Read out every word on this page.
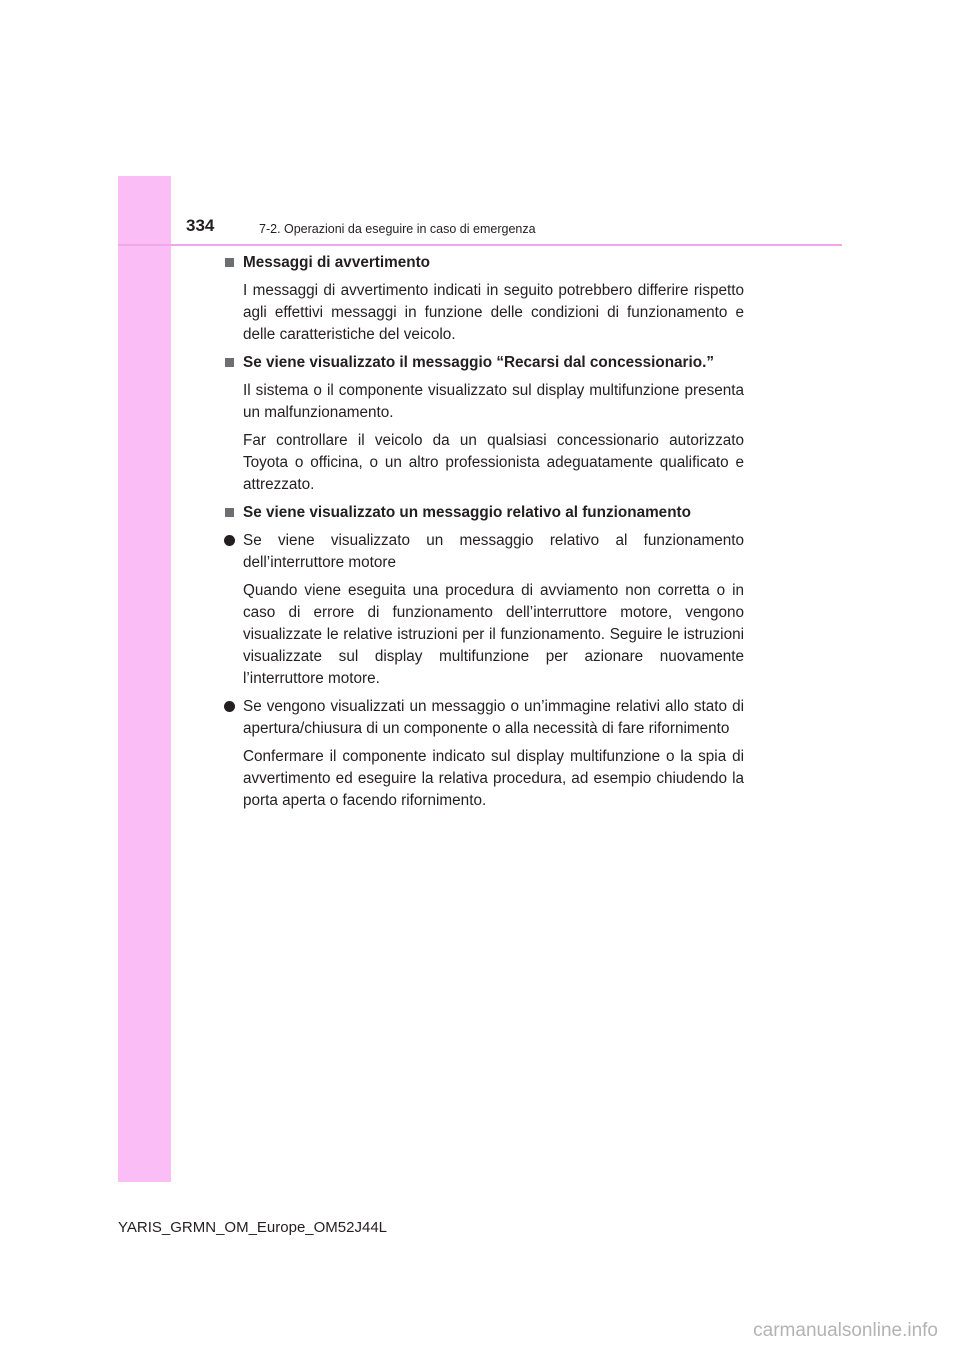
334	7-2. Operazioni da eseguire in caso di emergenza
Messaggi di avvertimento
I messaggi di avvertimento indicati in seguito potrebbero differire rispetto agli effettivi messaggi in funzione delle condizioni di funzionamento e delle caratteristiche del veicolo.
Se viene visualizzato il messaggio “Recarsi dal concessionario.”
Il sistema o il componente visualizzato sul display multifunzione presenta un malfunzionamento.
Far controllare il veicolo da un qualsiasi concessionario autorizzato Toyota o officina, o un altro professionista adeguatamente qualificato e attrezzato.
Se viene visualizzato un messaggio relativo al funzionamento
Se viene visualizzato un messaggio relativo al funzionamento dell’interruttore motore
Quando viene eseguita una procedura di avviamento non corretta o in caso di errore di funzionamento dell’interruttore motore, vengono visualizzate le relative istruzioni per il funzionamento. Seguire le istruzioni visualizzate sul display multifunzione per azionare nuovamente l’interruttore motore.
Se vengono visualizzati un messaggio o un’immagine relativi allo stato di apertura/chiusura di un componente o alla necessità di fare rifornimento
Confermare il componente indicato sul display multifunzione o la spia di avvertimento ed eseguire la relativa procedura, ad esempio chiudendo la porta aperta o facendo rifornimento.
YARIS_GRMN_OM_Europe_OM52J44L
carmanualsonline.info
